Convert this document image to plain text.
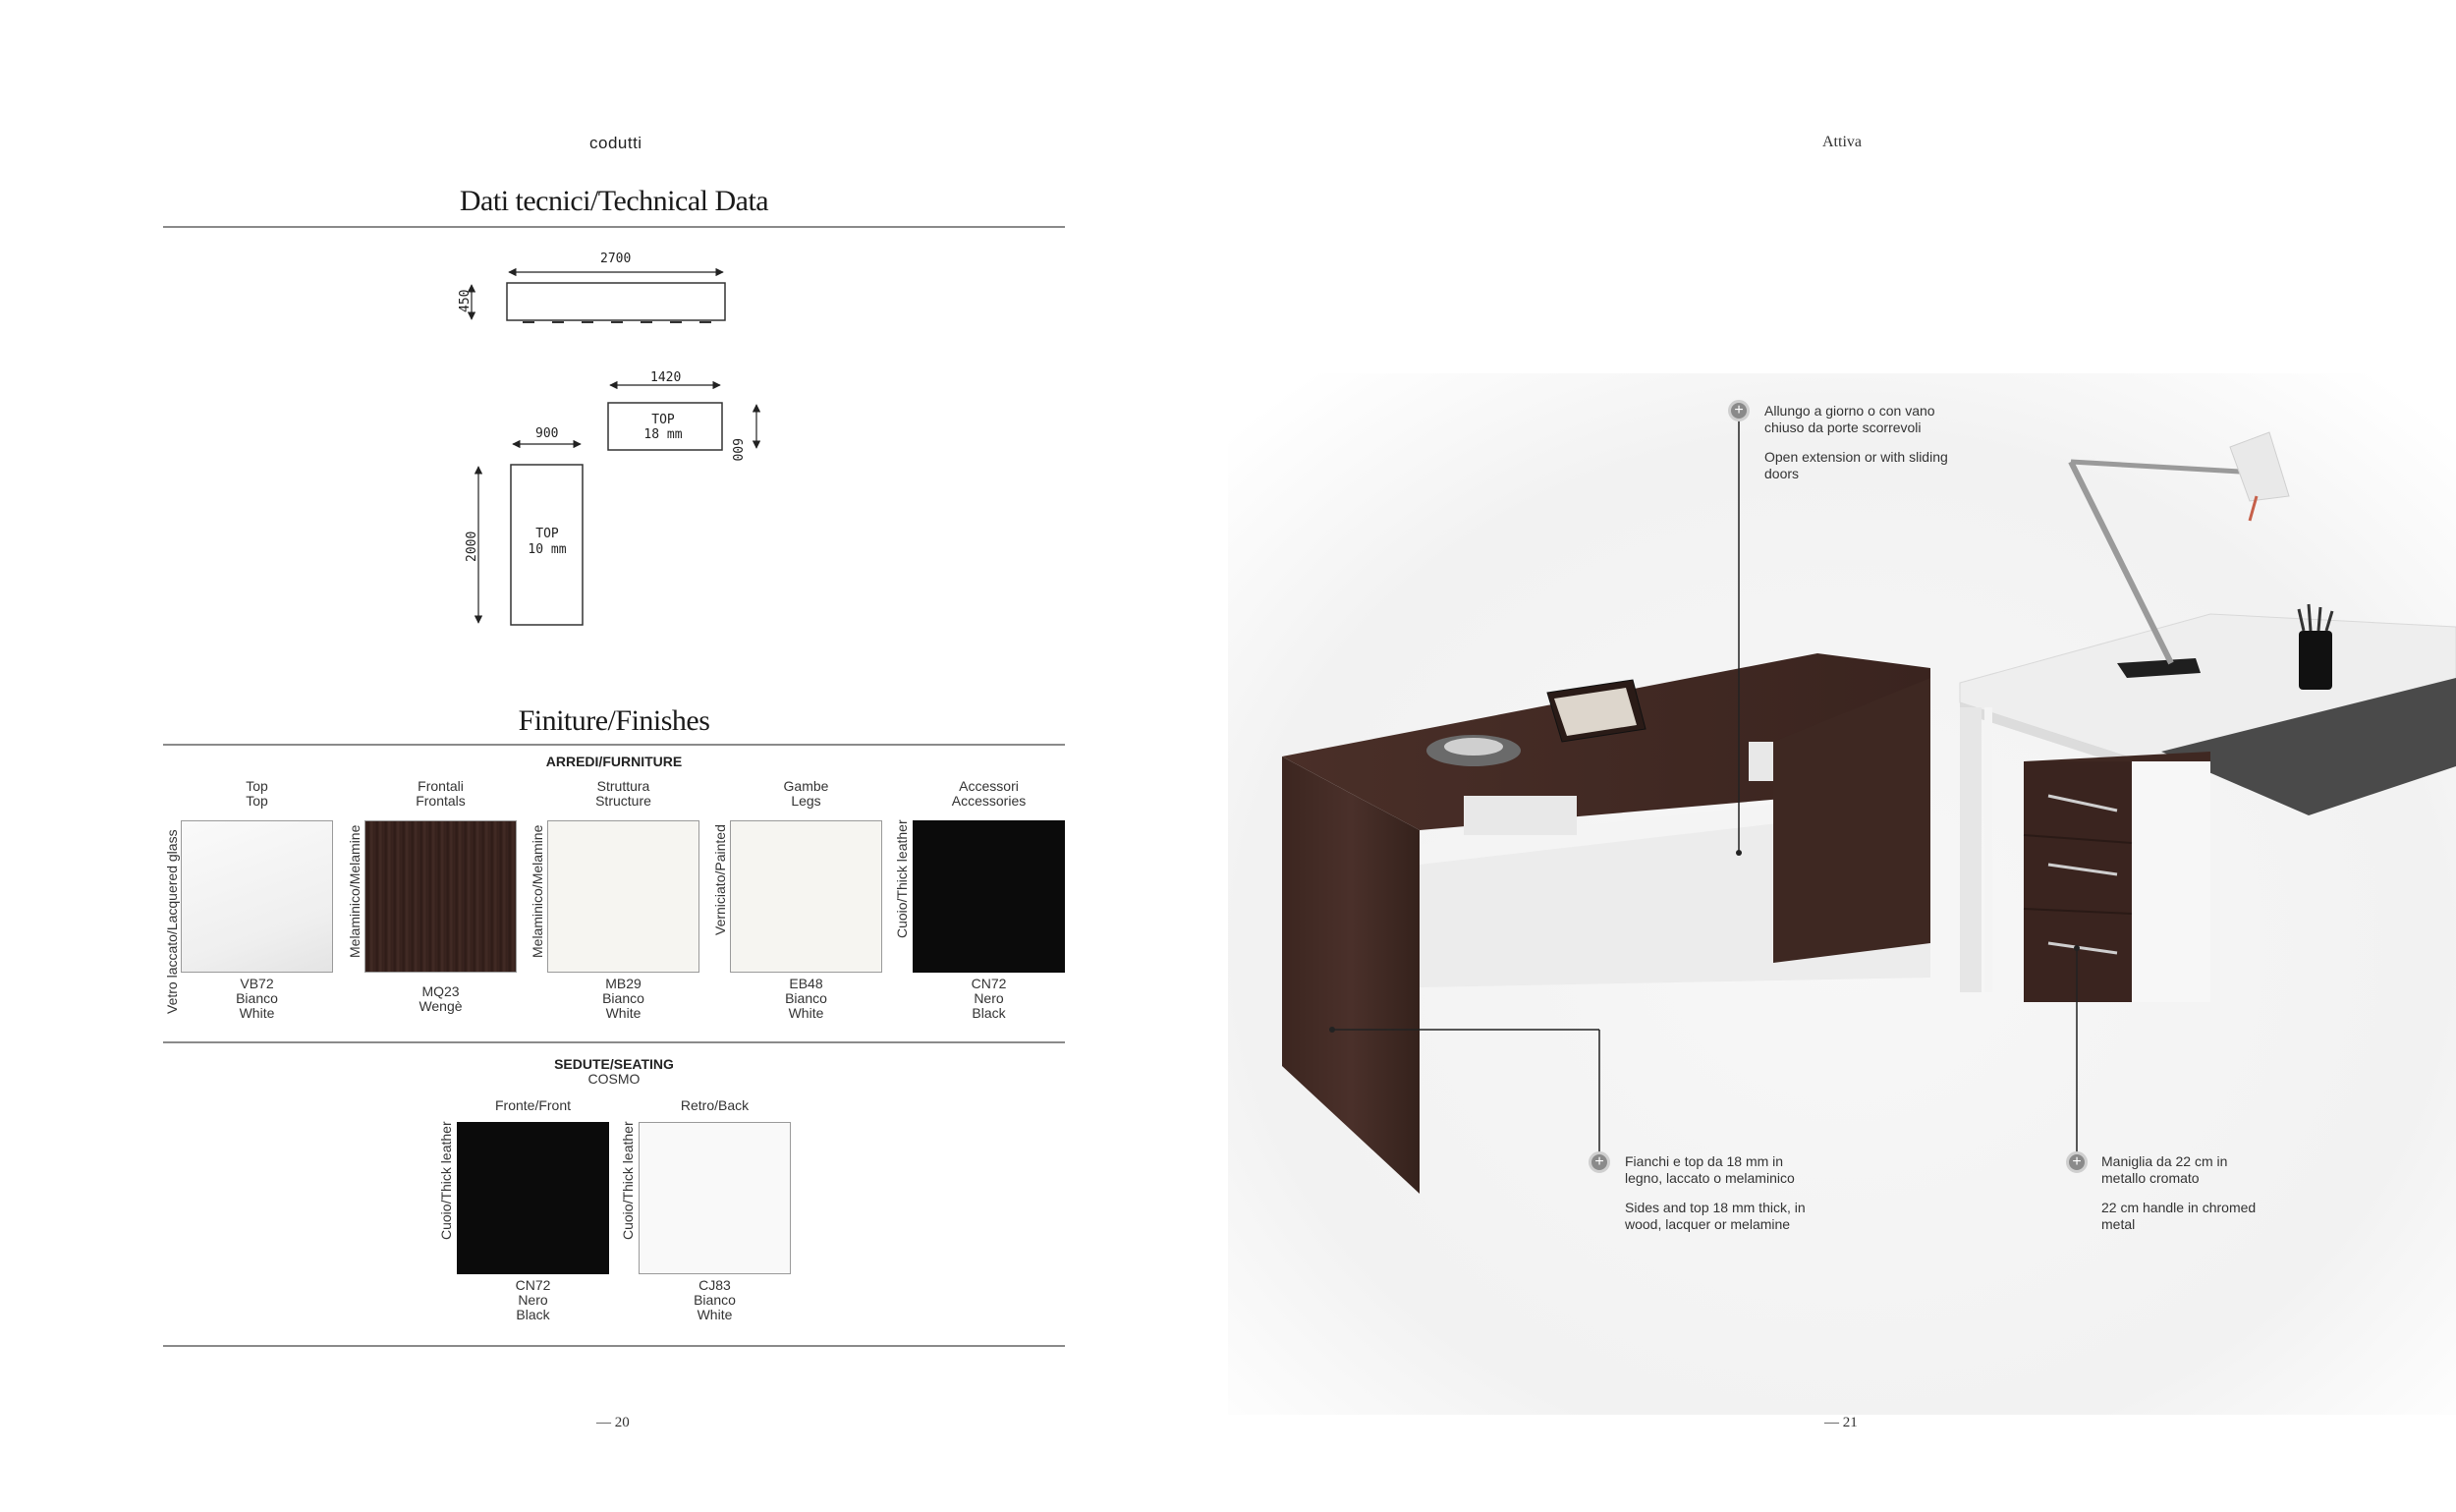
codutti
Dati tecnici/Technical Data
2700
450
1420
600
TOP
18 mm
900
2000	TOP
10 mm
Finiture/Finishes
ARREDI/FURNITURE
Top
Top
Vetro laccato/Lacquered glass	VB72
Bianco
White
Frontali
Frontals
Melaminico/Melamine
MQ23
Wengè
Struttura
Structure
Melaminico/Melamine
MB29
Bianco
White
Gambe
Legs
Verniciato/Painted
EB48
Bianco
White
Accessori
Accessories
Cuoio/Thick leather
CN72
Nero
Black
SEDUTE/SEATING
COSMO
Fronte/Front
Cuoio/Thick leather
CN72
Nero
Black
Retro/Back
Cuoio/Thick leather
CJ83
Bianco
White
— 20
Attiva
+	Allungo a giorno o con vano chiuso da porte scorrevoli
Open extension or with sliding doors
+	Fianchi e top da 18 mm in legno, laccato o melaminico
Sides and top 18 mm thick, in wood, lacquer or melamine
+	Maniglia da 22 cm in metallo cromato
22 cm handle in chromed metal
— 21
